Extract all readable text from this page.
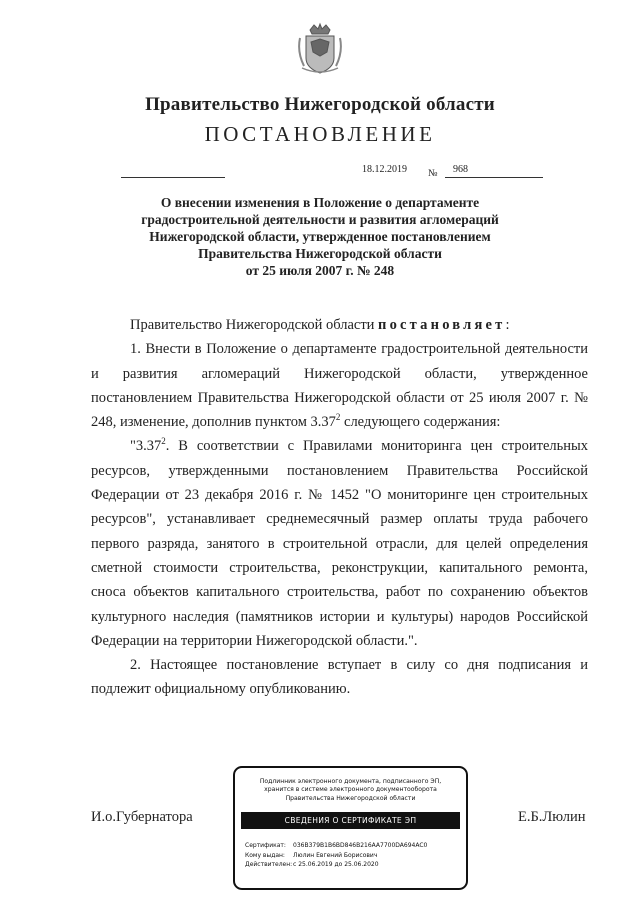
Правительство Нижегородской области
ПОСТАНОВЛЕНИЕ
18.12.2019 № 968
О внесении изменения в Положение о департаменте
градостроительной деятельности и развития агломераций
Нижегородской области, утвержденное постановлением
Правительства Нижегородской области
от 25 июля 2007 г. № 248

Правительство Нижегородской области постановляет:

1. Внести в Положение о департаменте градостроительной деятельности и развития агломераций Нижегородской области, утвержденное постановлением Правительства Нижегородской области от 25 июля 2007 г. № 248, изменение, дополнив пунктом 3.37$^2$ следующего содержания:

"3.37$^2$. В соответствии с Правилами мониторинга цен строительных ресурсов, утвержденными постановлением Правительства Российской Федерации от 23 декабря 2016 г. № 1452 "О мониторинге цен строительных ресурсов", устанавливает среднемесячный размер оплаты труда рабочего первого разряда, занятого в строительной отрасли, для целей определения сметной стоимости строительства, реконструкции, капитального ремонта, сноса объектов капитального строительства, работ по сохранению объектов культурного наследия (памятников истории и культуры) народов Российской Федерации на территории Нижегородской области.".

2. Настоящее постановление вступает в силу со дня подписания и подлежит официальному опубликованию.

И.о.Губернатора	Е.Б.Люлин
Подлинник электронного документа, подписанного ЭП,
хранится в системе электронного документооборота
Правительства Нижегородской области
СВЕДЕНИЯ О СЕРТИФИКАТЕ ЭП
Сертификат: 036B379B1B6BD846B216AA7700DA694AC0
Кому выдан: Люлин Евгений Борисович
Действителен:с 25.06.2019 до 25.06.2020
